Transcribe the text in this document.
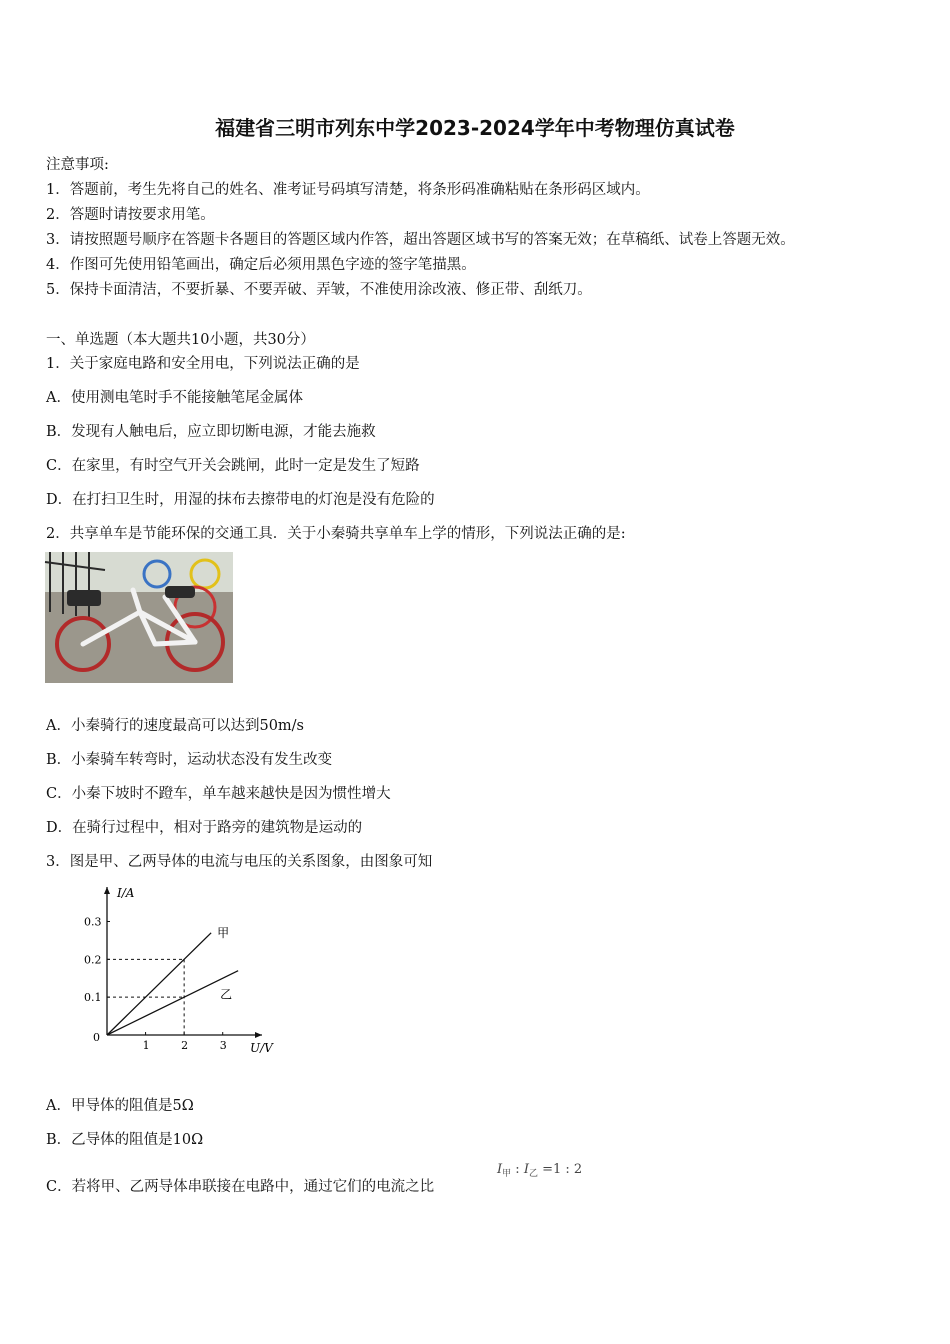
福建省三明市列东中学2023-2024学年中考物理仿真试卷
注意事项:
1．答题前，考生先将自己的姓名、准考证号码填写清楚，将条形码准确粘贴在条形码区域内。
2．答题时请按要求用笔。
3．请按照题号顺序在答题卡各题目的答题区域内作答，超出答题区域书写的答案无效；在草稿纸、试卷上答题无效。
4．作图可先使用铅笔画出，确定后必须用黑色字迹的签字笔描黑。
5．保持卡面清洁，不要折暴、不要弄破、弄皱，不准使用涂改液、修正带、刮纸刀。
一、单选题（本大题共10小题，共30分）
1．关于家庭电路和安全用电，下列说法正确的是
A．使用测电笔时手不能接触笔尾金属体
B．发现有人触电后，应立即切断电源，才能去施救
C．在家里，有时空气开关会跳闸，此时一定是发生了短路
D．在打扫卫生时，用湿的抹布去擦带电的灯泡是没有危险的
2．共享单车是节能环保的交通工具．关于小秦骑共享单车上学的情形，下列说法正确的是:
A．小秦骑行的速度最高可以达到50m/s
B．小秦骑车转弯时，运动状态没有发生改变
C．小秦下坡时不蹬车，单车越来越快是因为惯性增大
D．在骑行过程中，相对于路旁的建筑物是运动的
3．图是甲、乙两导体的电流与电压的关系图象，由图象可知
I/A
U/V
0
1	2	3
0.1
0.2
0.3
甲
乙
A．甲导体的阻值是5Ω
B．乙导体的阻值是10Ω
C．若将甲、乙两导体串联接在电路中，通过它们的电流之比
$I_甲$ : $I_乙 =1$ : 2
